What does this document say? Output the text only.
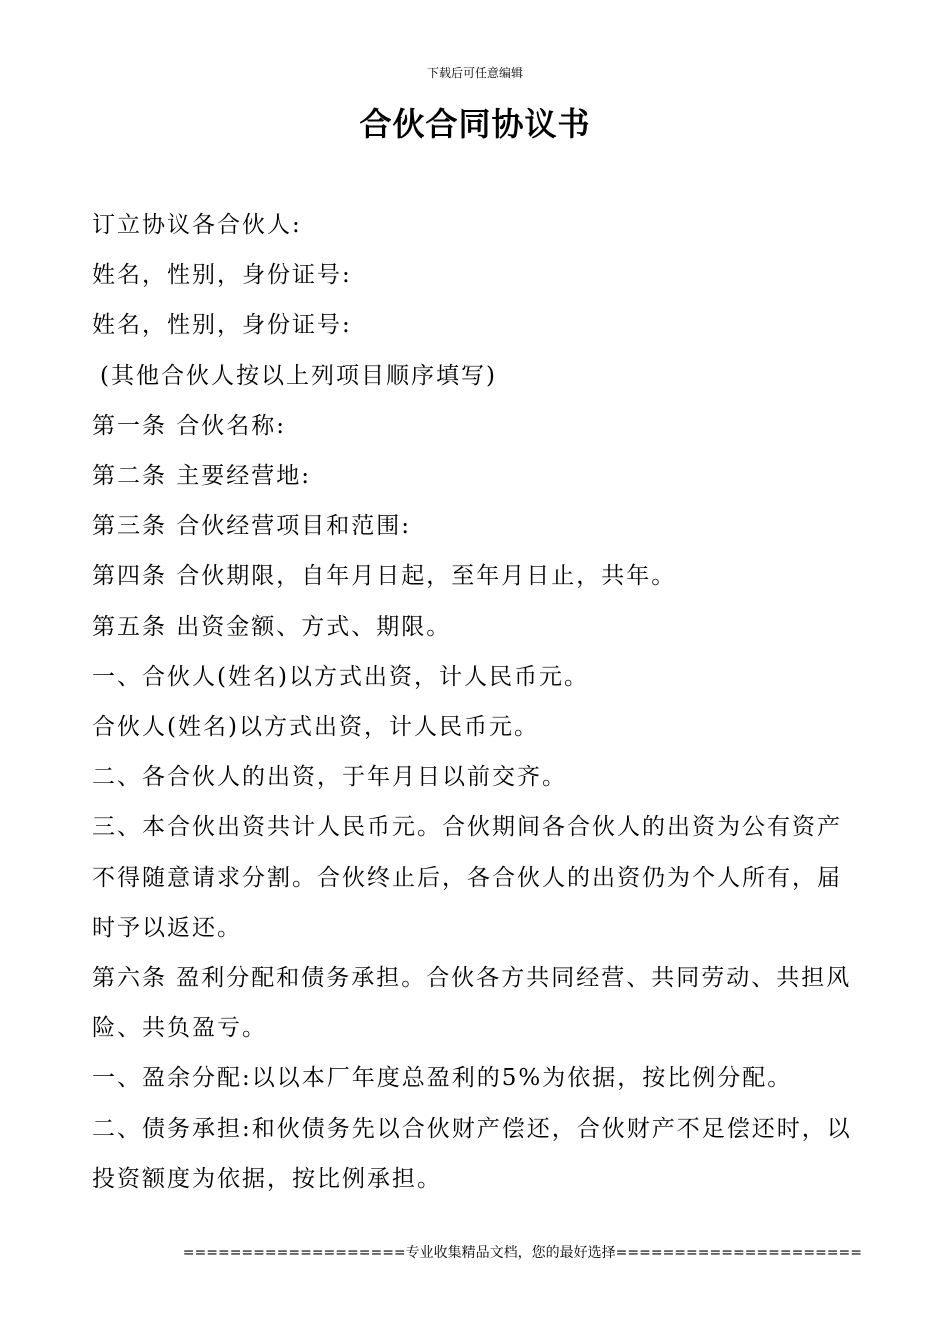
下载后可任意编辑
合伙合同协议书

订立协议各合伙人:

姓名，性别，身份证号:

姓名，性别，身份证号:

(其他合伙人按以上列项目顺序填写)

第一条 合伙名称:

第二条 主要经营地:

第三条 合伙经营项目和范围:

第四条 合伙期限，自年月日起，至年月日止，共年。

第五条 出资金额、方式、期限。

一、合伙人(姓名)以方式出资，计人民币元。

合伙人(姓名)以方式出资，计人民币元。

二、各合伙人的出资，于年月日以前交齐。

三、本合伙出资共计人民币元。合伙期间各合伙人的出资为公有资产不得随意请求分割。合伙终止后，各合伙人的出资仍为个人所有，届时予以返还。

第六条 盈利分配和债务承担。合伙各方共同经营、共同劳动、共担风险、共负盈亏。

一、盈余分配:以以本厂年度总盈利的5%为依据，按比例分配。

二、债务承担:和伙债务先以合伙财产偿还，合伙财产不足偿还时，以投资额度为依据，按比例承担。

===================专业收集精品文档，您的最好选择=====================
